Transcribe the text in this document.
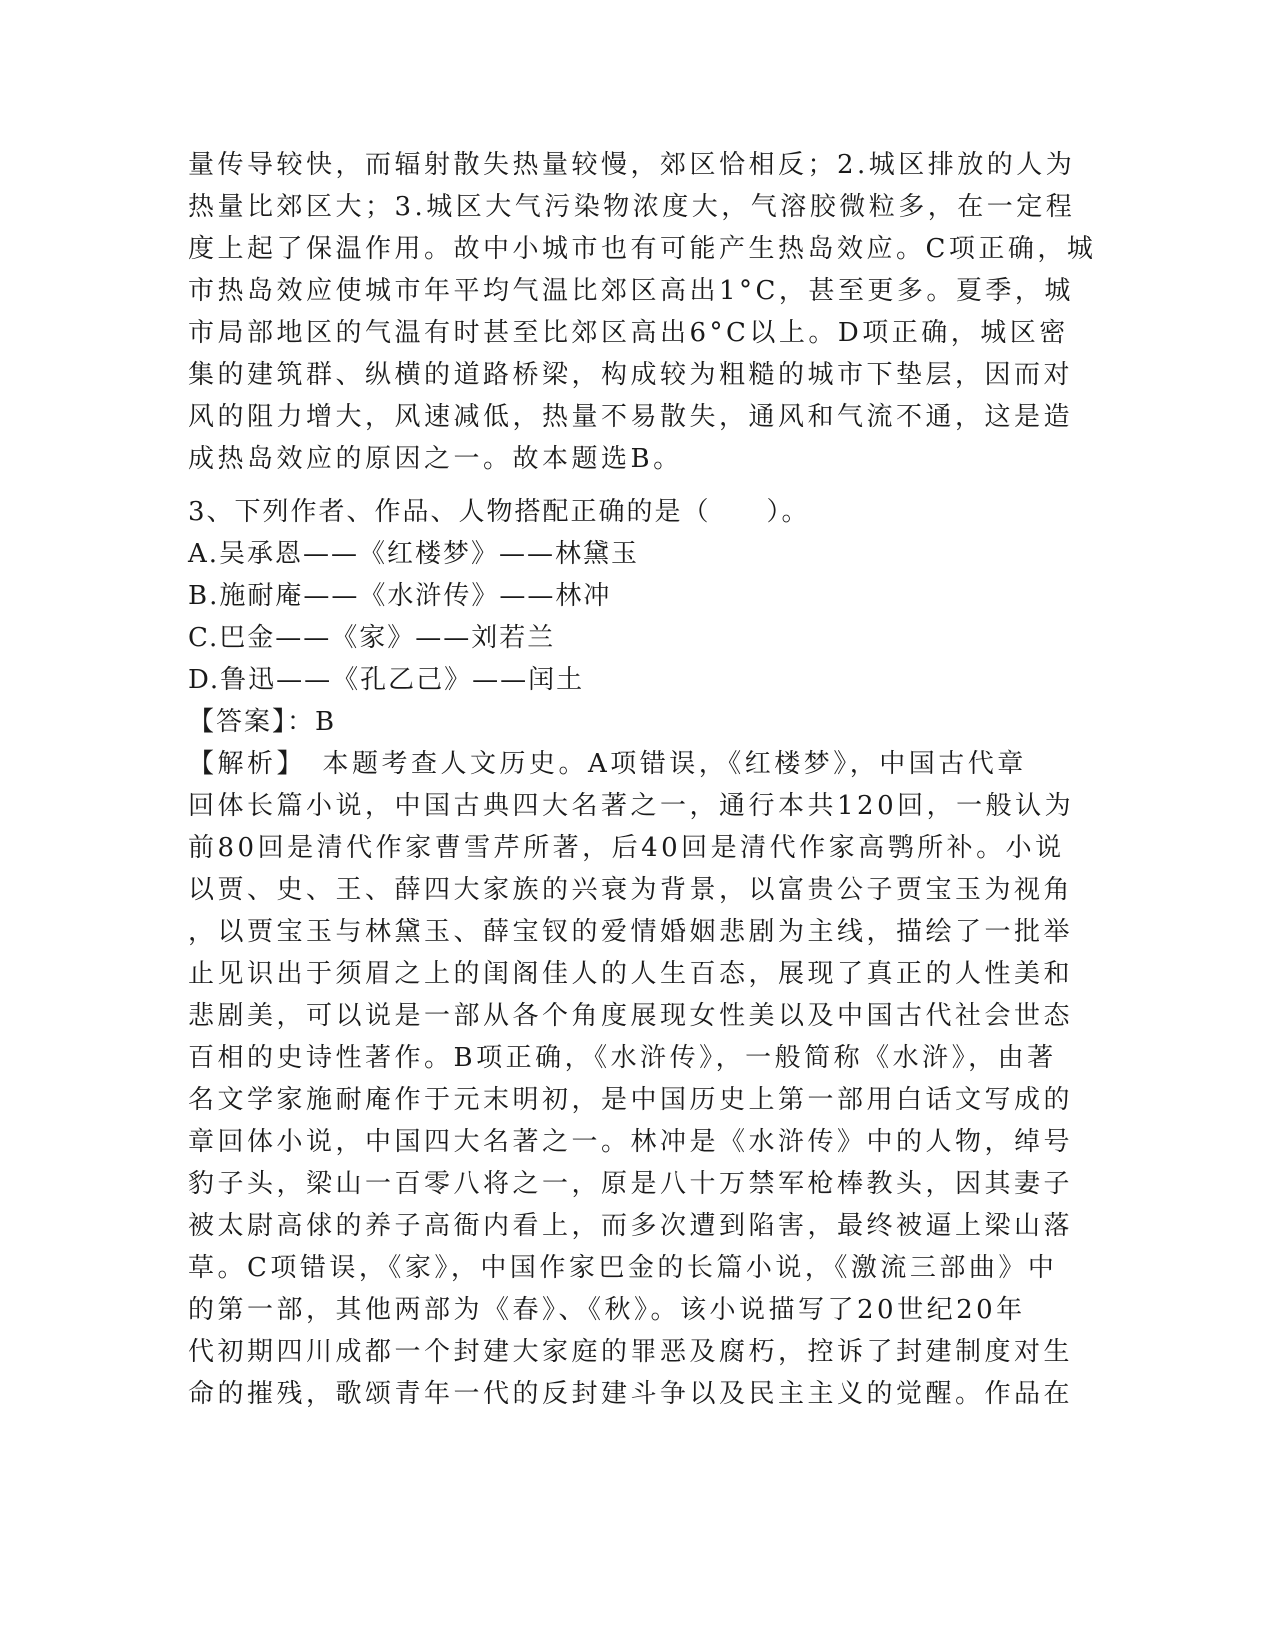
量传导较快，而辐射散失热量较慢，郊区恰相反；2.城区排放的人为
热量比郊区大；3.城区大气污染物浓度大，气溶胶微粒多，在一定程
度上起了保温作用。故中小城市也有可能产生热岛效应。C项正确，城
市热岛效应使城市年平均气温比郊区高出1°C，甚至更多。夏季，城
市局部地区的气温有时甚至比郊区高出6°C以上。D项正确，城区密
集的建筑群、纵横的道路桥梁，构成较为粗糙的城市下垫层，因而对
风的阻力增大，风速减低，热量不易散失，通风和气流不通，这是造
成热岛效应的原因之一。故本题选B。
3、下列作者、作品、人物搭配正确的是（　　）。
A.吴承恩——《红楼梦》——林黛玉
B.施耐庵——《水浒传》——林冲
C.巴金——《家》——刘若兰
D.鲁迅——《孔乙己》——闰土
【答案】：B
【解析】　本题考查人文历史。A项错误，《红楼梦》，中国古代章
回体长篇小说，中国古典四大名著之一，通行本共120回，一般认为
前80回是清代作家曹雪芹所著，后40回是清代作家高鹗所补。小说
以贾、史、王、薛四大家族的兴衰为背景，以富贵公子贾宝玉为视角
，以贾宝玉与林黛玉、薛宝钗的爱情婚姻悲剧为主线，描绘了一批举
止见识出于须眉之上的闺阁佳人的人生百态，展现了真正的人性美和
悲剧美，可以说是一部从各个角度展现女性美以及中国古代社会世态
百相的史诗性著作。B项正确，《水浒传》，一般简称《水浒》，由著
名文学家施耐庵作于元末明初，是中国历史上第一部用白话文写成的
章回体小说，中国四大名著之一。林冲是《水浒传》中的人物，绰号
豹子头，梁山一百零八将之一，原是八十万禁军枪棒教头，因其妻子
被太尉高俅的养子高衙内看上，而多次遭到陷害，最终被逼上梁山落
草。C项错误，《家》，中国作家巴金的长篇小说，《激流三部曲》中
的第一部，其他两部为《春》、《秋》。该小说描写了20世纪20年
代初期四川成都一个封建大家庭的罪恶及腐朽，控诉了封建制度对生
命的摧残，歌颂青年一代的反封建斗争以及民主主义的觉醒。作品在
